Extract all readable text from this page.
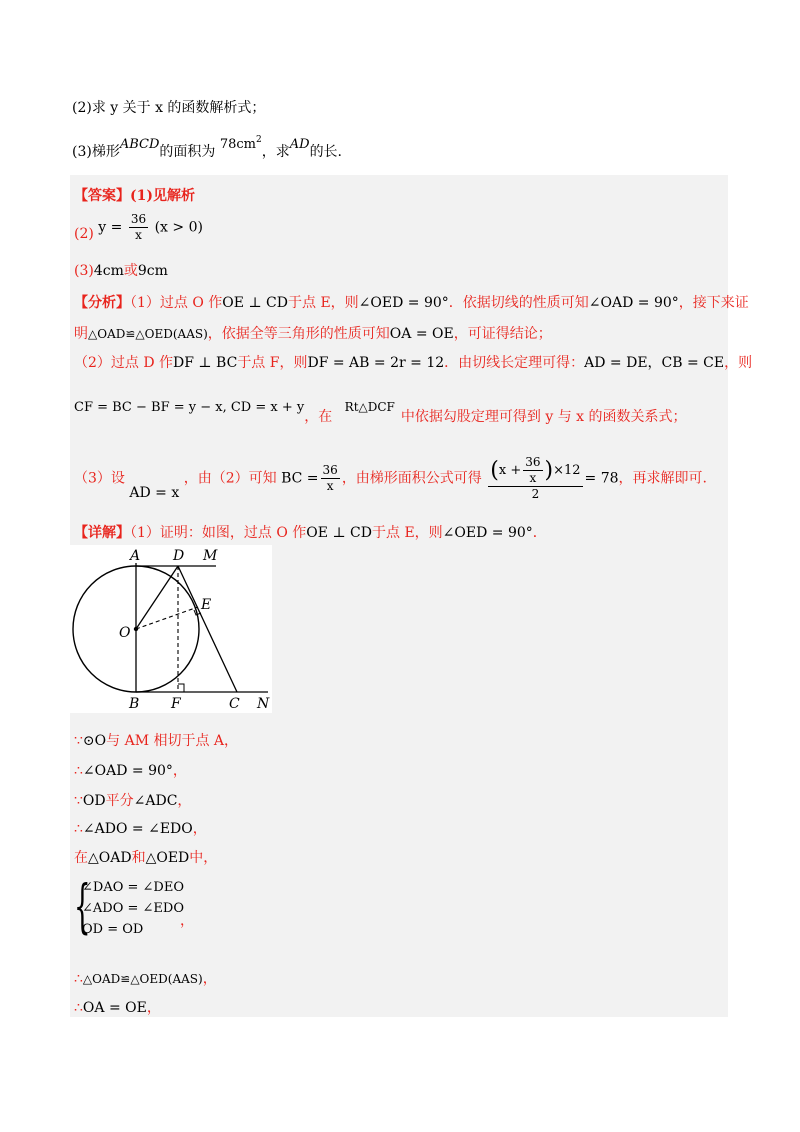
(2)求 y 关于 x 的函数解析式；
(3)梯形ABCD的面积为 $78cm^2$，求AD的长.
【答案】(1)见解析
(2) $y = \frac{36}{x} (x > 0)$
(3)4cm或9cm
【分析】（1）过点 O 作OE ⊥ CD于点 E，则∠OED = 90°．依据切线的性质可知∠OAD = 90°，接下来证
明△OAD≌△OED(AAS)，依据全等三角形的性质可知OA = OE，可证得结论；
（2）过点 D 作DF ⊥ BC于点 F，则DF = AB = 2r = 12．由切线长定理可得：AD = DE，CB = CE，则
CF = BC − BF = y − x, CD = x + y，在 Rt△DCF中依据勾股定理可得到 y 与 x 的函数关系式；
（3）设 AD = x ，由（2）可知 BC = $\frac{36}{x}$ ，由梯形面积公式可得 $\frac{(x + \frac{36}{x} )\times 12}{2} = 78$，再求解即可.
【详解】（1）证明：如图，过点 O 作OE ⊥ CD于点 E，则∠OED = 90°．
A D M
E
O
B F	C N
∵⊙O与 AM 相切于点 A，
∴∠OAD = 90°，
∵OD平分∠ADC，
∴∠ADO = ∠EDO，
在△OAD和△OED中，
{
∠DAO = ∠DEO
∠ADO = ∠EDO
OD = OD
，
∴△OAD≌△OED(AAS)，
∴OA = OE，
